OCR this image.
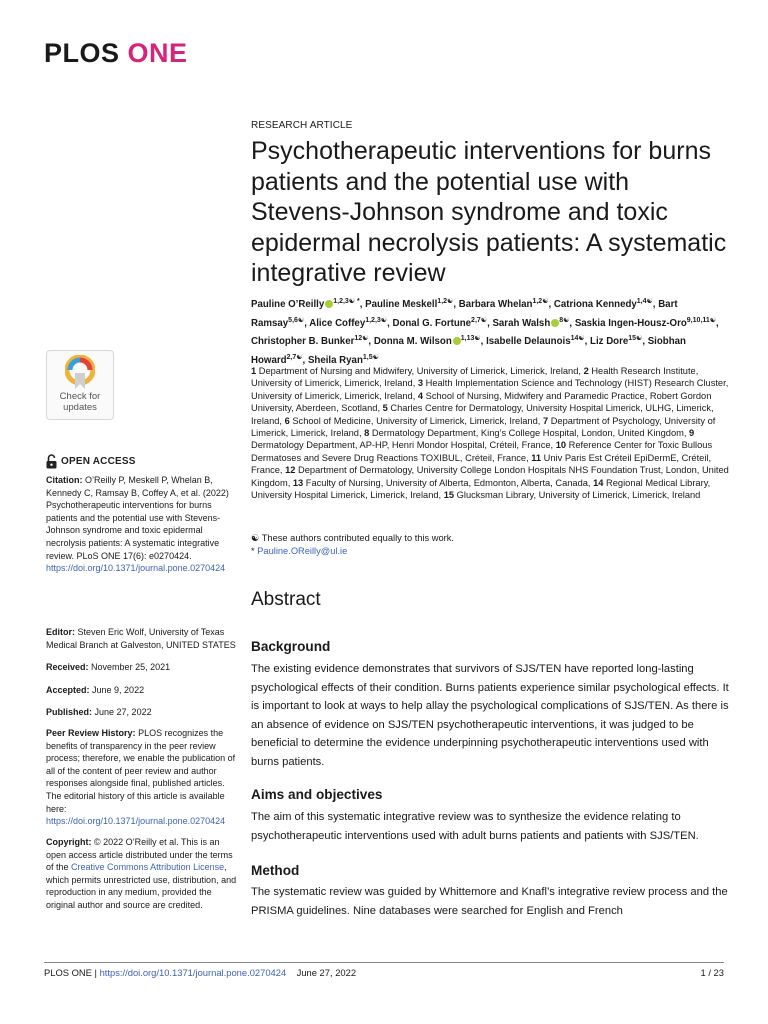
PLOS ONE
Check for
updates
OPEN ACCESS
Citation: O’Reilly P, Meskell P, Whelan B, Kennedy C, Ramsay B, Coffey A, et al. (2022) Psychotherapeutic interventions for burns patients and the potential use with Stevens-Johnson syndrome and toxic epidermal necrolysis patients: A systematic integrative review. PLoS ONE 17(6): e0270424. https://doi.org/10.1371/journal.pone.0270424
Editor: Steven Eric Wolf, University of Texas Medical Branch at Galveston, UNITED STATES
Received: November 25, 2021
Accepted: June 9, 2022
Published: June 27, 2022
Peer Review History: PLOS recognizes the benefits of transparency in the peer review process; therefore, we enable the publication of all of the content of peer review and author responses alongside final, published articles. The editorial history of this article is available here: https://doi.org/10.1371/journal.pone.0270424
Copyright: © 2022 O’Reilly et al. This is an open access article distributed under the terms of the Creative Commons Attribution License, which permits unrestricted use, distribution, and reproduction in any medium, provided the original author and source are credited.
RESEARCH ARTICLE
Psychotherapeutic interventions for burns patients and the potential use with Stevens-Johnson syndrome and toxic epidermal necrolysis patients: A systematic integrative review
Pauline O’Reilly $^{1,2,3☯ *}$, Pauline Meskell$^{1,2☯}$, Barbara Whelan$^{1,2☯}$, Catriona Kennedy$^{1,4☯}$, Bart Ramsay$^{5,6☯}$, Alice Coffey$^{1,2,3☯}$, Donal G. Fortune$^{2,7☯}$, Sarah Walsh $^{8☯}$, Saskia Ingen-Housz-Oro$^{9,10,11☯}$, Christopher B. Bunker$^{12☯}$, Donna M. Wilson $^{1,13☯}$, Isabelle Delaunois$^{14☯}$, Liz Dore$^{15☯}$, Siobhan Howard$^{2,7☯}$, Sheila Ryan$^{1,5☯}$
1 Department of Nursing and Midwifery, University of Limerick, Limerick, Ireland, 2 Health Research Institute, University of Limerick, Limerick, Ireland, 3 Health Implementation Science and Technology (HIST) Research Cluster, University of Limerick, Limerick, Ireland, 4 School of Nursing, Midwifery and Paramedic Practice, Robert Gordon University, Aberdeen, Scotland, 5 Charles Centre for Dermatology, University Hospital Limerick, ULHG, Limerick, Ireland, 6 School of Medicine, University of Limerick, Limerick, Ireland, 7 Department of Psychology, University of Limerick, Limerick, Ireland, 8 Dermatology Department, King’s College Hospital, London, United Kingdom, 9 Dermatology Department, AP-HP, Henri Mondor Hospital, Créteil, France, 10 Reference Center for Toxic Bullous Dermatoses and Severe Drug Reactions TOXIBUL, Créteil, France, 11 Univ Paris Est Créteil EpiDermE, Créteil, France, 12 Department of Dermatology, University College London Hospitals NHS Foundation Trust, London, United Kingdom, 13 Faculty of Nursing, University of Alberta, Edmonton, Alberta, Canada, 14 Regional Medical Library, University Hospital Limerick, Limerick, Ireland, 15 Glucksman Library, University of Limerick, Limerick, Ireland
☯ These authors contributed equally to this work.
* Pauline.OReilly@ul.ie
Abstract
Background

The existing evidence demonstrates that survivors of SJS/TEN have reported long-lasting psychological effects of their condition. Burns patients experience similar psychological effects. It is important to look at ways to help allay the psychological complications of SJS/TEN. As there is an absence of evidence on SJS/TEN psychotherapeutic interventions, it was judged to be beneficial to determine the evidence underpinning psychotherapeutic interventions used with burns patients.

Aims and objectives

The aim of this systematic integrative review was to synthesize the evidence relating to psychotherapeutic interventions used with adult burns patients and patients with SJS/TEN.

Method

The systematic review was guided by Whittemore and Knafl’s integrative review process and the PRISMA guidelines. Nine databases were searched for English and French

PLOS ONE | https://doi.org/10.1371/journal.pone.0270424 June 27, 2022	1 / 23
